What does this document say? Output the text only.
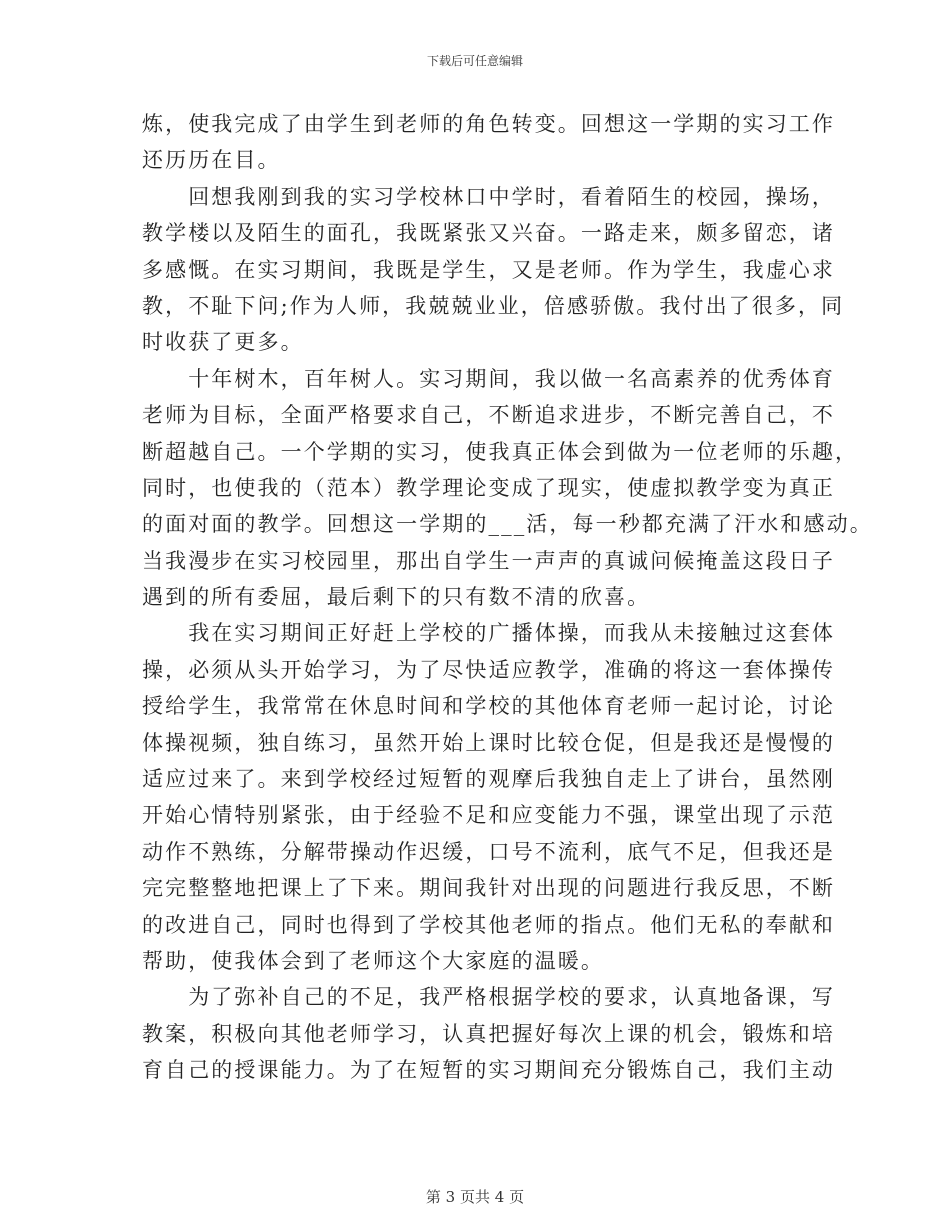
下载后可任意编辑
炼，使我完成了由学生到老师的角色转变。回想这一学期的实习工作
还历历在目。
　　回想我刚到我的实习学校林口中学时，看着陌生的校园，操场，
教学楼以及陌生的面孔，我既紧张又兴奋。一路走来，颇多留恋，诸
多感慨。在实习期间，我既是学生，又是老师。作为学生，我虚心求
教，不耻下问;作为人师，我兢兢业业，倍感骄傲。我付出了很多，同
时收获了更多。
　　十年树木，百年树人。实习期间，我以做一名高素养的优秀体育
老师为目标，全面严格要求自己，不断追求进步，不断完善自己，不
断超越自己。一个学期的实习，使我真正体会到做为一位老师的乐趣，
同时，也使我的（范本）教学理论变成了现实，使虚拟教学变为真正
的面对面的教学。回想这一学期的___活，每一秒都充满了汗水和感动。
当我漫步在实习校园里，那出自学生一声声的真诚问候掩盖这段日子
遇到的所有委屈，最后剩下的只有数不清的欣喜。
　　我在实习期间正好赶上学校的广播体操，而我从未接触过这套体
操，必须从头开始学习，为了尽快适应教学，准确的将这一套体操传
授给学生，我常常在休息时间和学校的其他体育老师一起讨论，讨论
体操视频，独自练习，虽然开始上课时比较仓促，但是我还是慢慢的
适应过来了。来到学校经过短暂的观摩后我独自走上了讲台，虽然刚
开始心情特别紧张，由于经验不足和应变能力不强，课堂出现了示范
动作不熟练，分解带操动作迟缓，口号不流利，底气不足，但我还是
完完整整地把课上了下来。期间我针对出现的问题进行我反思，不断
的改进自己，同时也得到了学校其他老师的指点。他们无私的奉献和
帮助，使我体会到了老师这个大家庭的温暖。
　　为了弥补自己的不足，我严格根据学校的要求，认真地备课，写
教案，积极向其他老师学习，认真把握好每次上课的机会，锻炼和培
育自己的授课能力。为了在短暂的实习期间充分锻炼自己，我们主动
第 3 页共 4 页
